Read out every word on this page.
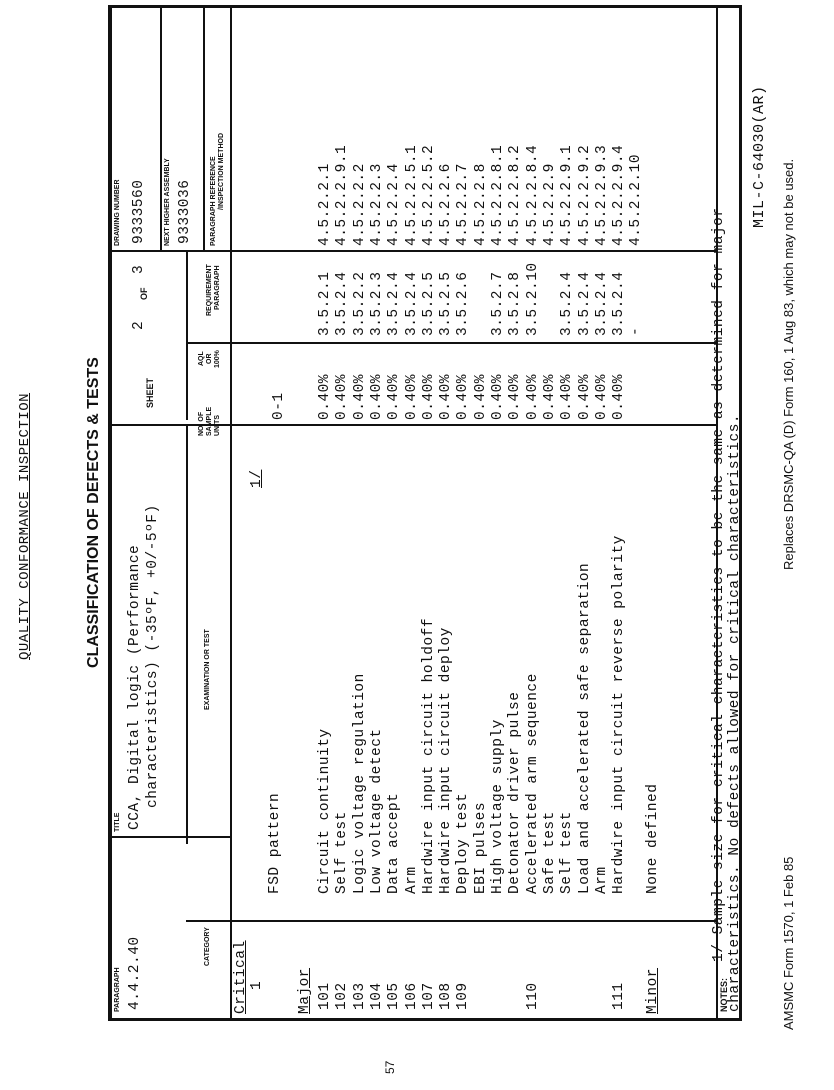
QUALITY CONFORMANCE INSPECTION
MIL-C-64030(AR)
CLASSIFICATION OF DEFECTS & TESTS
PARAGRAPH 4.4.2.40
TITLE CCA, Digital logic (Performance characteristics) (-35ºF, +0/-5ºF)
SHEET
2
OF
3
DRAWING NUMBER 9333560 NEXT HIGHER ASSEMBLY 9333036
CATEGORY
EXAMINATION OR TEST
NO. OF SAMPLE UNITS
AQL OR 100%
REQUIREMENT PARAGRAPH
PARAGRAPH REFERENCE /INSPECTION METHOD
Critical 1
FSD pattern
1/
0-1
Major	Minor
None defined
NOTES:
1/ Sample size for critical characteristics to be the same as determined for major characteristics. No defects allowed for critical characteristics.	AMSMC Form 1570, 1 Feb 85
Replaces DRSMC-QA (D) Form 160, 1 Aug 83, which may not be used.
57
101
Circuit continuity
0.40%
3.5.2.1
4.5.2.2.1
102
Self test
0.40%
3.5.2.4
4.5.2.2.9.1
103
Logic voltage regulation
0.40%
3.5.2.2
4.5.2.2.2
104
Low voltage detect
0.40%
3.5.2.3
4.5.2.2.3
105
Data accept
0.40%
3.5.2.4
4.5.2.2.4
106
Arm
0.40%
3.5.2.4
4.5.2.2.5.1
107
Hardwire input circuit holdoff
0.40%
3.5.2.5
4.5.2.2.5.2
108
Hardwire input circuit deploy
0.40%
3.5.2.5
4.5.2.2.6
109
Deploy test
0.40%
3.5.2.6
4.5.2.2.7
EBI pulses
0.40%
4.5.2.2.8
High voltage supply
0.40%
3.5.2.7
4.5.2.2.8.1
Detonator driver pulse
0.40%
3.5.2.8
4.5.2.2.8.2
110
Accelerated arm sequence
0.40%
3.5.2.10
4.5.2.2.8.4
Safe test
0.40%
4.5.2.2.9
Self test
0.40%
3.5.2.4
4.5.2.2.9.1
Load and accelerated safe separation
0.40%
3.5.2.4
4.5.2.2.9.2
Arm
0.40%
3.5.2.4
4.5.2.2.9.3
111
Hardwire input circuit reverse polarity
0.40%
3.5.2.4
4.5.2.2.9.4
-
4.5.2.2.10
